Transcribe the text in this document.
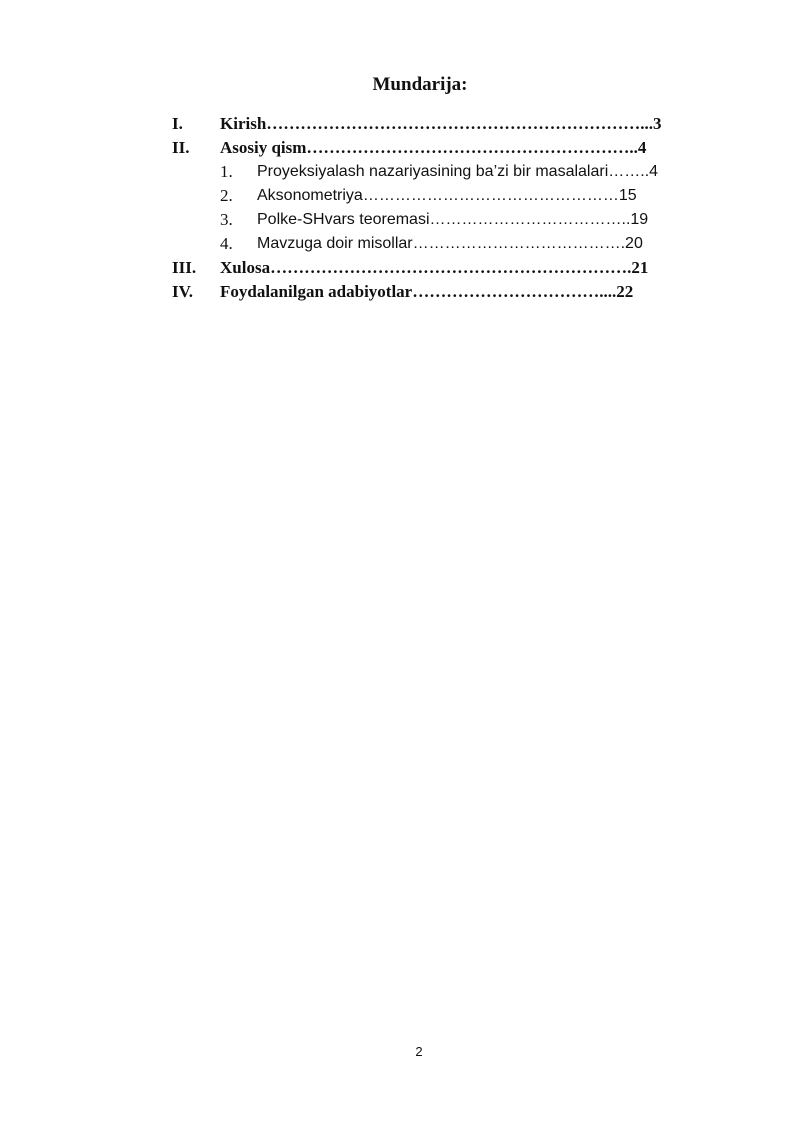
Mundarija:
I. Kirish…………………………………………………………...3
II. Asosiy qism…………………………………………………..4
1. Proyeksiyalash nazariyasining ba’zi bir masalalari……..4
2. Aksonometriya…………………………………………15
3. Polke-SHvars teoremasi………………………………..19
4. Mavzuga doir misollar………………………………….20
III. Xulosa……………………………………………………….21
IV. Foydalanilgan adabiyotlar……………………………....22
2
